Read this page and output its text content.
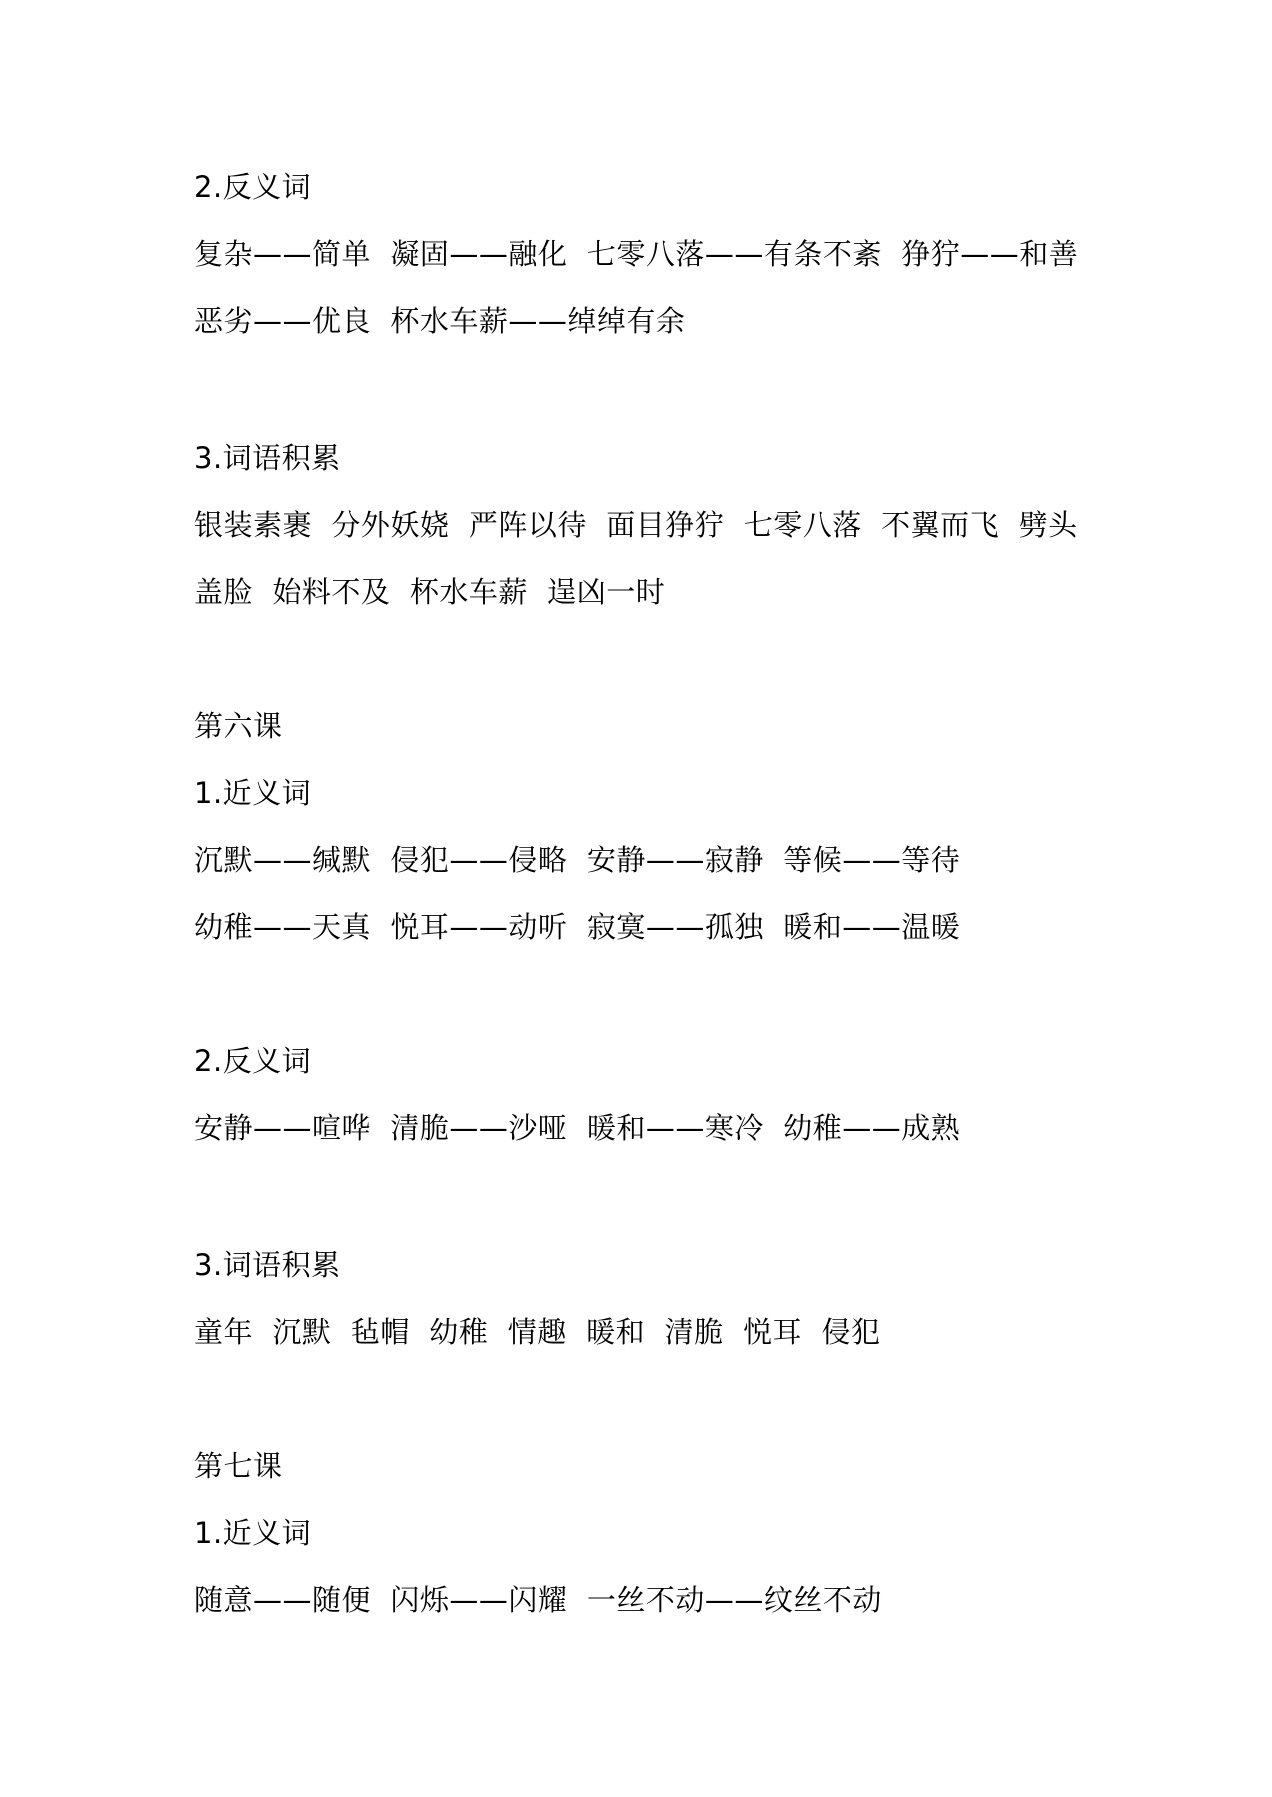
2.反义词
复杂——简单  凝固——融化  七零八落——有条不紊  狰狞——和善
恶劣——优良  杯水车薪——绰绰有余
3.词语积累
银装素裹  分外妖娆  严阵以待  面目狰狞  七零八落  不翼而飞  劈头
盖脸  始料不及  杯水车薪  逞凶一时
第六课
1.近义词
沉默——缄默  侵犯——侵略  安静——寂静  等候——等待
幼稚——天真  悦耳——动听  寂寞——孤独  暖和——温暖
2.反义词
安静——喧哗  清脆——沙哑  暖和——寒冷  幼稚——成熟
3.词语积累
童年  沉默  毡帽  幼稚  情趣  暖和  清脆  悦耳  侵犯
第七课
1.近义词
随意——随便  闪烁——闪耀  一丝不动——纹丝不动
